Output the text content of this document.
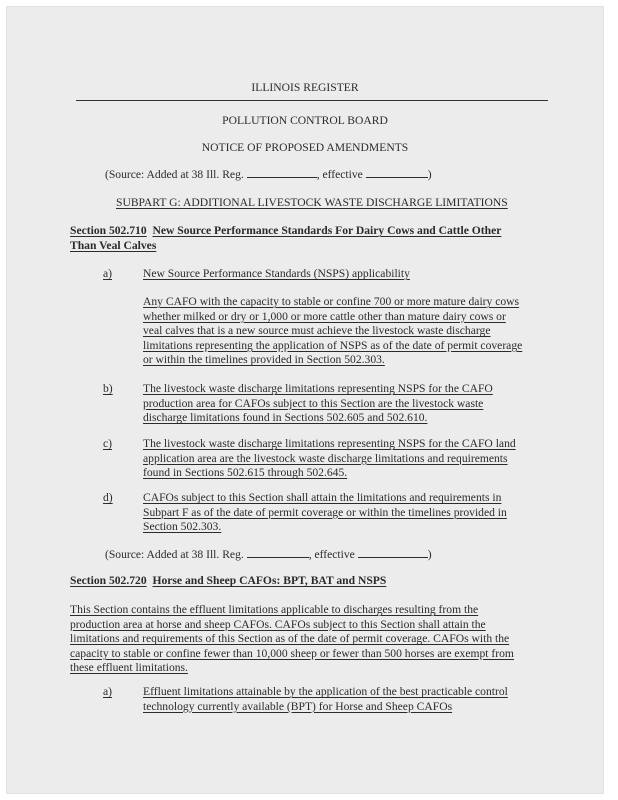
ILLINOIS REGISTER
POLLUTION CONTROL BOARD
NOTICE OF PROPOSED AMENDMENTS
(Source: Added at 38 Ill. Reg.	, effective	)
SUBPART G: ADDITIONAL LIVESTOCK WASTE DISCHARGE LIMITATIONS
Section 502.710 New Source Performance Standards For Dairy Cows and Cattle Other
Than Veal Calves
a)	New Source Performance Standards (NSPS) applicability
Any CAFO with the capacity to stable or confine 700 or more mature dairy cows
whether milked or dry or 1,000 or more cattle other than mature dairy cows or
veal calves that is a new source must achieve the livestock waste discharge
limitations representing the application of NSPS as of the date of permit coverage
or within the timelines provided in Section 502.303.
b)	The livestock waste discharge limitations representing NSPS for the CAFO
production area for CAFOs subject to this Section are the livestock waste
discharge limitations found in Sections 502.605 and 502.610.
c)	The livestock waste discharge limitations representing NSPS for the CAFO land
application area are the livestock waste discharge limitations and requirements
found in Sections 502.615 through 502.645.
d)	CAFOs subject to this Section shall attain the limitations and requirements in
Subpart F as of the date of permit coverage or within the timelines provided in
Section 502.303.
(Source: Added at 38 Ill. Reg.	, effective	)
Section 502.720 Horse and Sheep CAFOs: BPT, BAT and NSPS
This Section contains the effluent limitations applicable to discharges resulting from the
production area at horse and sheep CAFOs. CAFOs subject to this Section shall attain the
limitations and requirements of this Section as of the date of permit coverage. CAFOs with the
capacity to stable or confine fewer than 10,000 sheep or fewer than 500 horses are exempt from
these effluent limitations.
a)	Effluent limitations attainable by the application of the best practicable control
technology currently available (BPT) for Horse and Sheep CAFOs
